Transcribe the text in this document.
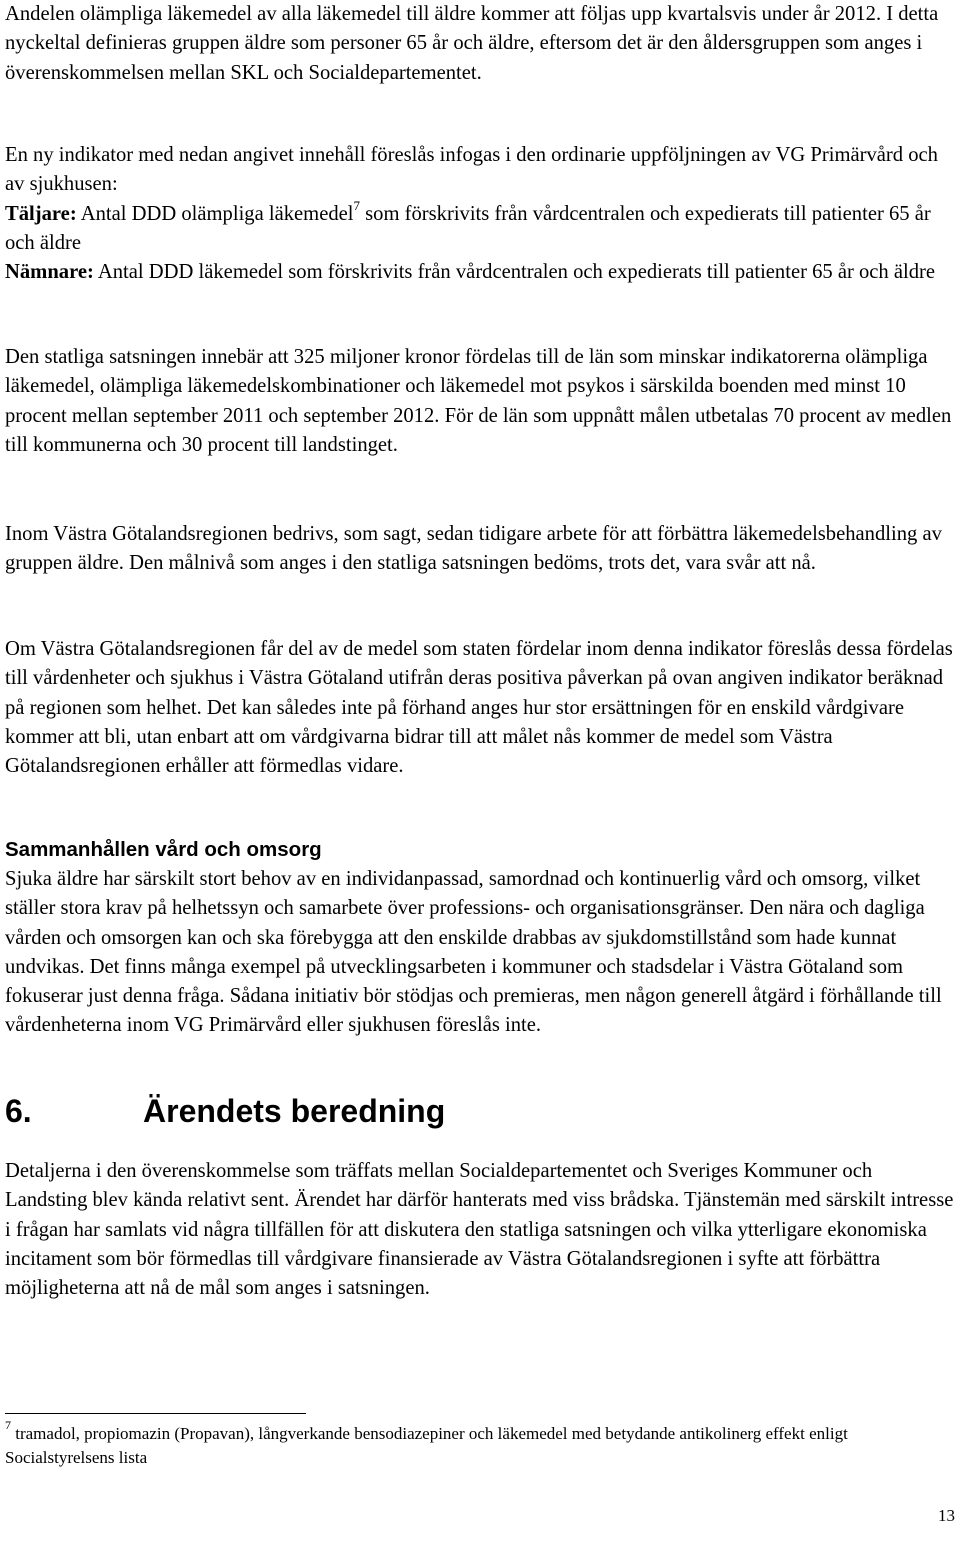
Andelen olämpliga läkemedel av alla läkemedel till äldre kommer att följas upp kvartalsvis under år 2012. I detta nyckeltal definieras gruppen äldre som personer 65 år och äldre, eftersom det är den åldersgruppen som anges i överenskommelsen mellan SKL och Socialdepartementet.

En ny indikator med nedan angivet innehåll föreslås infogas i den ordinarie uppföljningen av VG Primärvård och av sjukhusen:

Täljare: Antal DDD olämpliga läkemedel$^7$ som förskrivits från vårdcentralen och expedierats till patienter 65 år och äldre

Nämnare: Antal DDD läkemedel som förskrivits från vårdcentralen och expedierats till patienter 65 år och äldre

Den statliga satsningen innebär att 325 miljoner kronor fördelas till de län som minskar indikatorerna olämpliga läkemedel, olämpliga läkemedelskombinationer och läkemedel mot psykos i särskilda boenden med minst 10 procent mellan september 2011 och september 2012. För de län som uppnått målen utbetalas 70 procent av medlen till kommunerna och 30 procent till landstinget.

Inom Västra Götalandsregionen bedrivs, som sagt, sedan tidigare arbete för att förbättra läkemedelsbehandling av gruppen äldre. Den målnivå som anges i den statliga satsningen bedöms, trots det, vara svår att nå.

Om Västra Götalandsregionen får del av de medel som staten fördelar inom denna indikator föreslås dessa fördelas till vårdenheter och sjukhus i Västra Götaland utifrån deras positiva påverkan på ovan angiven indikator beräknad på regionen som helhet. Det kan således inte på förhand anges hur stor ersättningen för en enskild vårdgivare kommer att bli, utan enbart att om vårdgivarna bidrar till att målet nås kommer de medel som Västra Götalandsregionen erhåller att förmedlas vidare.

Sammanhållen vård och omsorg

Sjuka äldre har särskilt stort behov av en individanpassad, samordnad och kontinuerlig vård och omsorg, vilket ställer stora krav på helhetssyn och samarbete över professions- och organisationsgränser. Den nära och dagliga vården och omsorgen kan och ska förebygga att den enskilde drabbas av sjukdomstillstånd som hade kunnat undvikas. Det finns många exempel på utvecklingsarbeten i kommuner och stadsdelar i Västra Götaland som fokuserar just denna fråga. Sådana initiativ bör stödjas och premieras, men någon generell åtgärd i förhållande till vårdenheterna inom VG Primärvård eller sjukhusen föreslås inte.

6.	Ärendets beredning

Detaljerna i den överenskommelse som träffats mellan Socialdepartementet och Sveriges Kommuner och Landsting blev kända relativt sent. Ärendet har därför hanterats med viss brådska. Tjänstemän med särskilt intresse i frågan har samlats vid några tillfällen för att diskutera den statliga satsningen och vilka ytterligare ekonomiska incitament som bör förmedlas till vårdgivare finansierade av Västra Götalandsregionen i syfte att förbättra möjligheterna att nå de mål som anges i satsningen.

$^7$ tramadol, propiomazin (Propavan), långverkande bensodiazepiner och läkemedel med betydande antikolinerg effekt enligt Socialstyrelsens lista

13
